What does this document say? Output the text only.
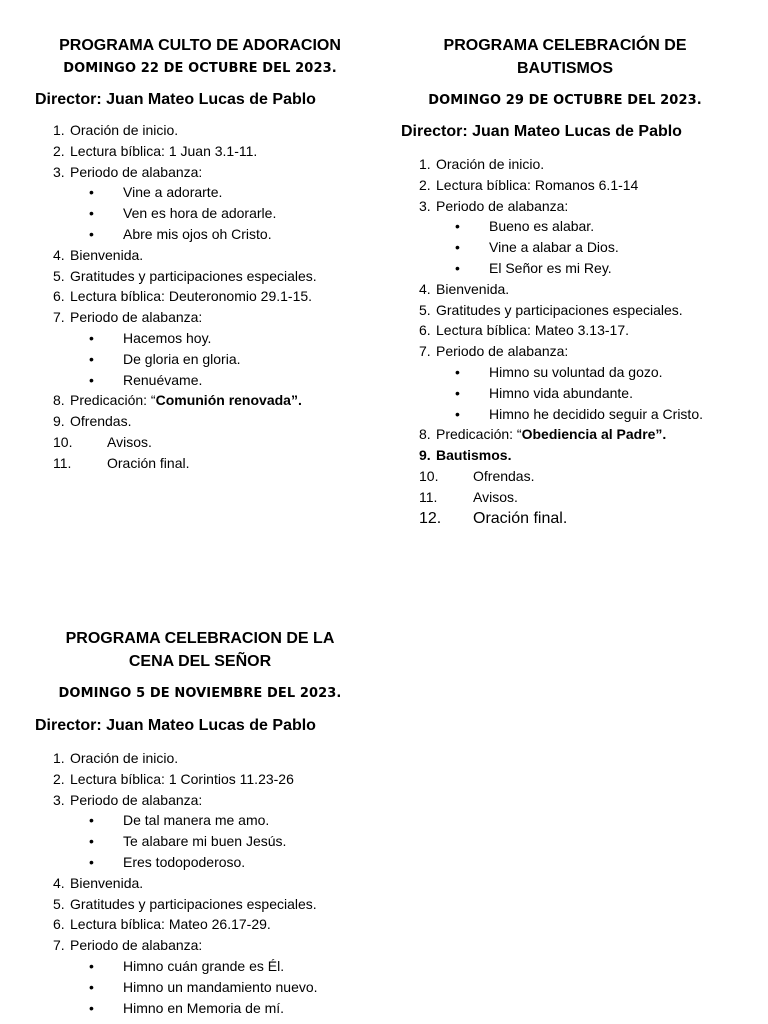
PROGRAMA CULTO DE ADORACION
DOMINGO 22 DE OCTUBRE DEL 2023.
Director: Juan Mateo Lucas de Pablo
1. Oración de inicio.
2. Lectura bíblica: 1 Juan 3.1-11.
3. Periodo de alabanza:
•Vine a adorarte.
•Ven es hora de adorarle.
•Abre mis ojos oh Cristo.
4. Bienvenida.
5. Gratitudes y participaciones especiales.
6. Lectura bíblica: Deuteronomio 29.1-15.
7. Periodo de alabanza:
•Hacemos hoy.
•De gloria en gloria.
•Renuévame.
8. Predicación: “Comunión renovada”.
9. Ofrendas.
10. Avisos.
11.	Oración final.
PROGRAMA CELEBRACIÓN DE
BAUTISMOS
DOMINGO 29 DE OCTUBRE DEL 2023.
Director: Juan Mateo Lucas de Pablo
1. Oración de inicio.
2. Lectura bíblica: Romanos 6.1-14
3. Periodo de alabanza:
•Bueno es alabar.
•Vine a alabar a Dios.
•El Señor es mi Rey.
4. Bienvenida.
5. Gratitudes y participaciones especiales.
6. Lectura bíblica: Mateo 3.13-17.
7. Periodo de alabanza:
•Himno su voluntad da gozo.
•Himno vida abundante.
•Himno he decidido seguir a Cristo.
8. Predicación: “Obediencia al Padre”.
9. Bautismos.
10. Ofrendas.
11.	Avisos.
12. Oración final.
PROGRAMA CELEBRACION DE LA
CENA DEL SEÑOR
DOMINGO 5 DE NOVIEMBRE DEL 2023.
Director: Juan Mateo Lucas de Pablo
1. Oración de inicio.
2. Lectura bíblica: 1 Corintios 11.23-26
3. Periodo de alabanza:
•De tal manera me amo.
•Te alabare mi buen Jesús.
•Eres todopoderoso.
4. Bienvenida.
5. Gratitudes y participaciones especiales.
6. Lectura bíblica: Mateo 26.17-29.
7. Periodo de alabanza:
•Himno cuán grande es Él.
•Himno un mandamiento nuevo.
•Himno en Memoria de mí.
